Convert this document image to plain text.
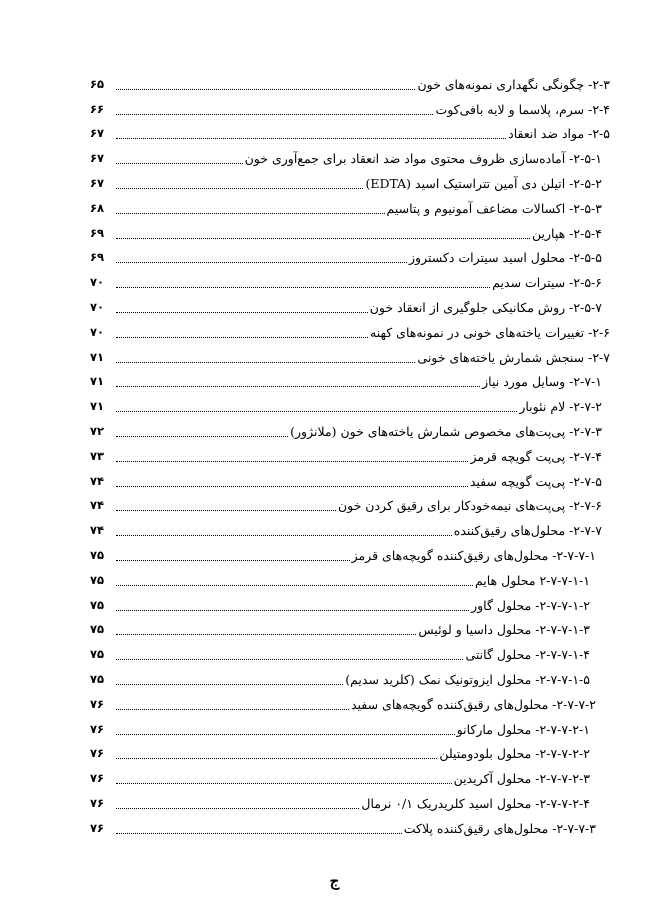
۲-۳- چگونگی نگهداری نمونه‌های خون
۶۵
۲-۴- سرم، پلاسما و لایه بافی‌کوت
۶۶
۲-۵- مواد ضد انعقاد
۶۷
۲-۵-۱- آماده‌سازی ظروف محتوی مواد ضد انعقاد برای جمع‌آوری خون
۶۷
۲-۵-۲- اتیلن دی آمین تتراستیک اسید (EDTA)
۶۷
۲-۵-۳- اکسالات مضاعف آمونیوم و پتاسیم
۶۸
۲-۵-۴- هپارین
۶۹
۲-۵-۵- محلول اسید سیترات دکستروز
۶۹
۲-۵-۶- سیترات سدیم
۷۰
۲-۵-۷- روش مکانیکی جلوگیری از انعقاد خون
۷۰
۲-۶- تغییرات یاخته‌های خونی در نمونه‌های کهنه
۷۰
۲-۷- سنجش شمارش یاخته‌های خونی
۷۱
۲-۷-۱- وسایل مورد نیاز
۷۱
۲-۷-۲- لام نئوبار
۷۱
۲-۷-۳- پی‌پت‌های مخصوص شمارش یاخته‌های خون (ملانژور)
۷۲
۲-۷-۴- پی‌پت گویچه قرمز
۷۳
۲-۷-۵- پی‌پت گویچه سفید
۷۴
۲-۷-۶- پی‌پت‌های نیمه‌خودکار برای رقیق کردن خون
۷۴
۲-۷-۷- محلول‌های رقیق‌کننده
۷۴
۲-۷-۷-۱- محلول‌های رقیق‌کننده گویچه‌های قرمز
۷۵
۲-۷-۷-۱-۱ محلول هایم
۷۵
۲-۷-۷-۱-۲- محلول گاور
۷۵
۲-۷-۷-۱-۳- محلول داسیا و لوئیس
۷۵
۲-۷-۷-۱-۴- محلول گانتی
۷۵
۲-۷-۷-۱-۵- محلول ایزوتونیک نمک (کلرید سدیم)
۷۵
۲-۷-۷-۲- محلول‌های رقیق‌کننده گویچه‌های سفید
۷۶
۲-۷-۷-۲-۱- محلول مارکانو
۷۶
۲-۷-۷-۲-۲- محلول بلودومتیلن
۷۶
۲-۷-۷-۲-۳- محلول آکریدین
۷۶
۲-۷-۷-۲-۴- محلول اسید کلریدریک ۰/۱ نرمال
۷۶
۲-۷-۷-۳- محلول‌های رقیق‌کننده پلاکت
۷۶
ج
